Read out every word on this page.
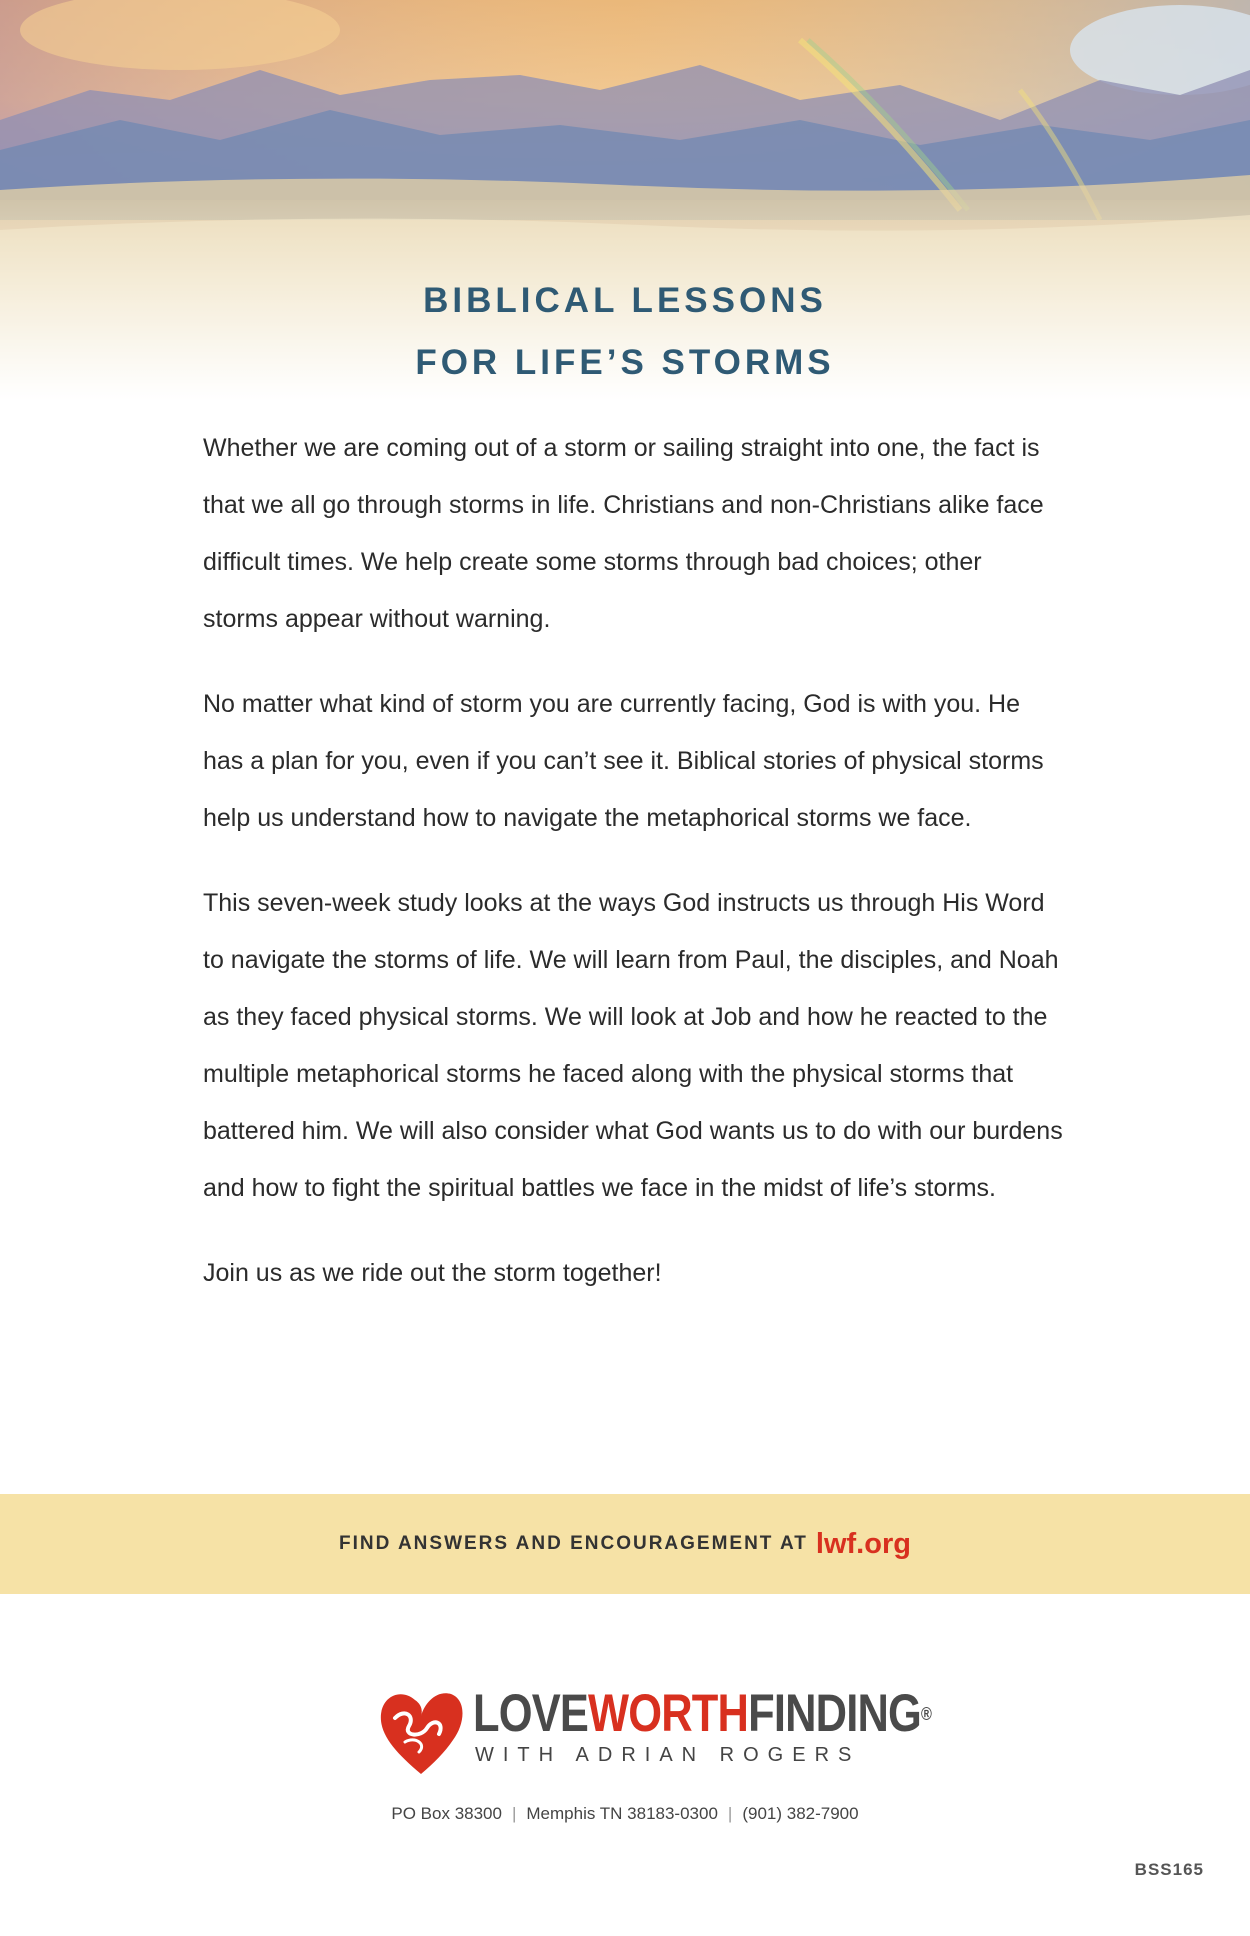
BIBLICAL LESSONS
FOR LIFE’S STORMS

Whether we are coming out of a storm or sailing straight into one, the fact is that we all go through storms in life. Christians and non-Christians alike face difficult times. We help create some storms through bad choices; other storms appear without warning.

No matter what kind of storm you are currently facing, God is with you. He has a plan for you, even if you can’t see it. Biblical stories of physical storms help us understand how to navigate the metaphorical storms we face.

This seven-week study looks at the ways God instructs us through His Word to navigate the storms of life. We will learn from Paul, the disciples, and Noah as they faced physical storms. We will look at Job and how he reacted to the multiple metaphorical storms he faced along with the physical storms that battered him. We will also consider what God wants us to do with our burdens and how to fight the spiritual battles we face in the midst of life’s storms.

Join us as we ride out the storm together!

FIND ANSWERS AND ENCOURAGEMENT AT lwf.org
LOVEWORTHFINDING®
WITH ADRIAN ROGERS
PO Box 38300 | Memphis TN 38183-0300 | (901) 382-7900
BSS165
